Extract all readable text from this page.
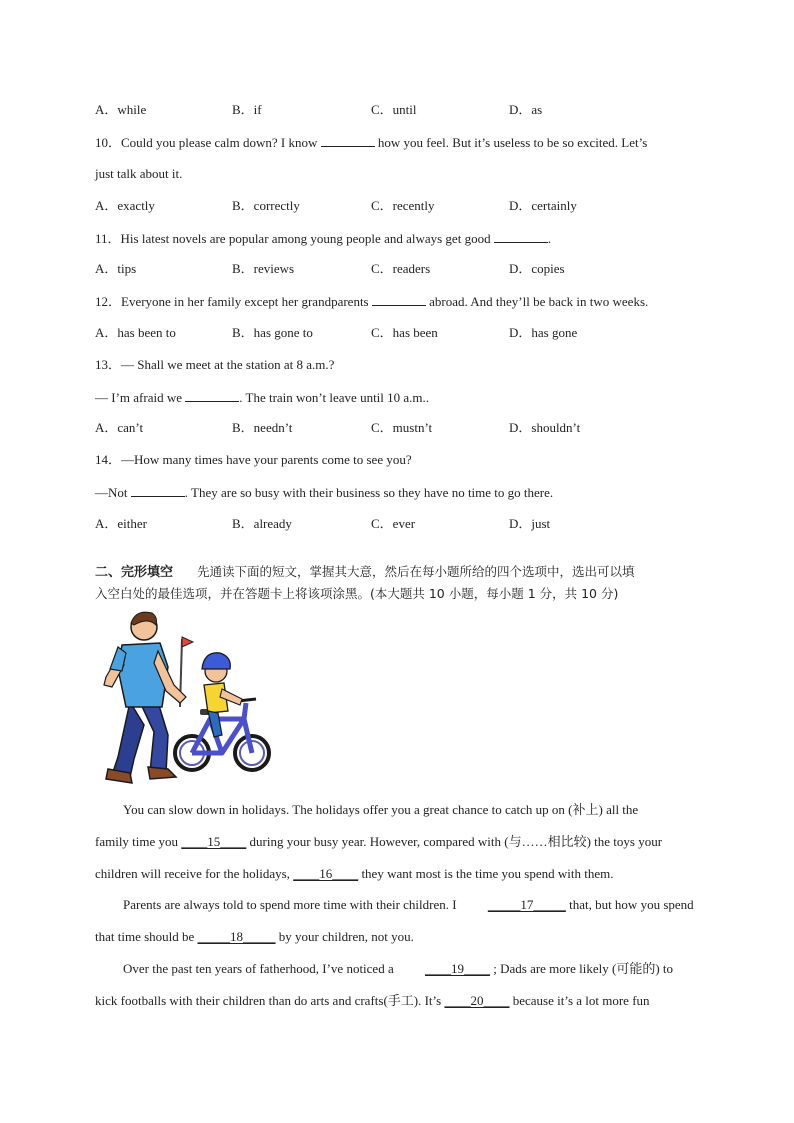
A．while	B．if	C．until	D．as
10．Could you please calm down? I know	how you feel. But it’s useless to be so excited. Let’s
just talk about it.
A．exactly	B．correctly	C．recently	D．certainly
11．His latest novels are popular among young people and always get good	.
A．tips	B．reviews	C．readers	D．copies
12．Everyone in her family except her grandparents	abroad. And they’ll be back in two weeks.
A．has been to	B．has gone to	C．has been	D．has gone
13．— Shall we meet at the station at 8 a.m.?
— I’m afraid we	. The train won’t leave until 10 a.m..
A．can’t	B．needn’t	C．mustn’t	D．shouldn’t
14．—How many times have your parents come to see you?
—Not	. They are so busy with their business so they have no time to go there.
A．either	B．already	C．ever	D．just
二、完形填空 先通读下面的短文，掌握其大意，然后在每小题所给的四个选项中，选出可以填
入空白处的最佳选项，并在答题卡上将该项涂黑。(本大题共 10 小题，每小题 1 分，共 10 分)
You can slow down in holidays. The holidays offer you a great chance to catch up on (补上) all the
family time you ____15____ during your busy year. However, compared with (与……相比较) the toys your
children will receive for the holidays, ____16____ they want most is the time you spend with them.
Parents are always told to spend more time with their children. I _____17_____ that, but how you spend
that time should be _____18_____ by your children, not you.
Over the past ten years of fatherhood, I’ve noticed a ____19____ ; Dads are more likely (可能的) to
kick footballs with their children than do arts and crafts(手工). It’s ____20____ because it’s a lot more fun
